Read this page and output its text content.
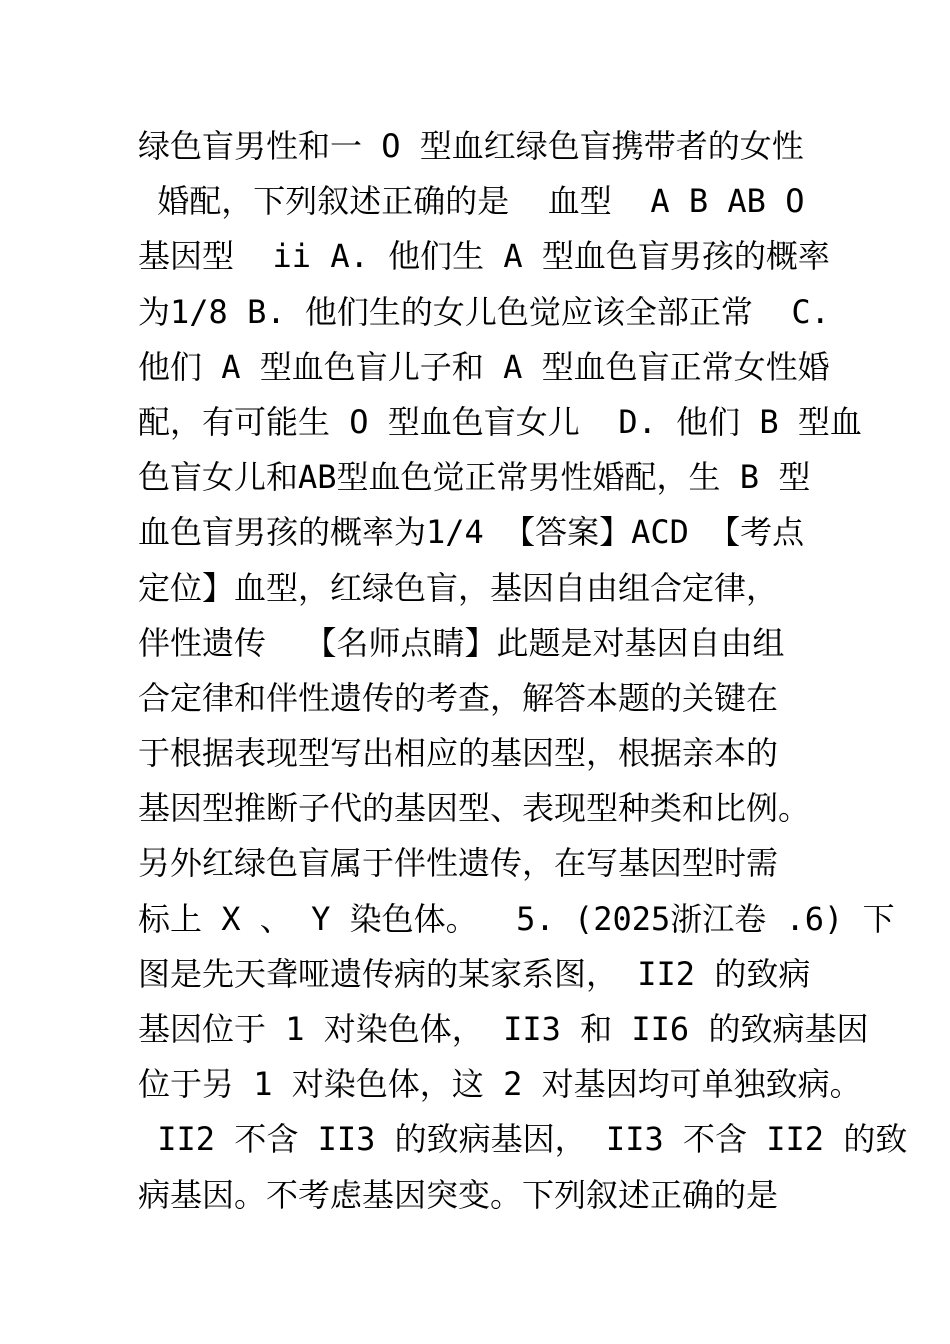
绿色盲男性和一 O 型血红绿色盲携带者的女性
婚配，下列叙述正确的是  血型  A B AB O
基因型  ii A. 他们生 A 型血色盲男孩的概率
为1/8 B. 他们生的女儿色觉应该全部正常  C.
他们 A 型血色盲儿子和 A 型血色盲正常女性婚
配，有可能生 O 型血色盲女儿  D. 他们 B 型血
色盲女儿和AB型血色觉正常男性婚配，生 B 型
血色盲男孩的概率为1/4 【答案】ACD 【考点
定位】血型，红绿色盲，基因自由组合定律，
伴性遗传  【名师点睛】此题是对基因自由组
合定律和伴性遗传的考查，解答本题的关键在
于根据表现型写出相应的基因型，根据亲本的
基因型推断子代的基因型、表现型种类和比例。
另外红绿色盲属于伴性遗传，在写基因型时需
标上 X 、 Y 染色体。  5. (2025浙江卷 .6) 下
图是先天聋哑遗传病的某家系图， II2 的致病
基因位于 1 对染色体， II3 和 II6 的致病基因
位于另 1 对染色体，这 2 对基因均可单独致病。
II2 不含 II3 的致病基因， II3 不含 II2 的致
病基因。不考虑基因突变。下列叙述正确的是
